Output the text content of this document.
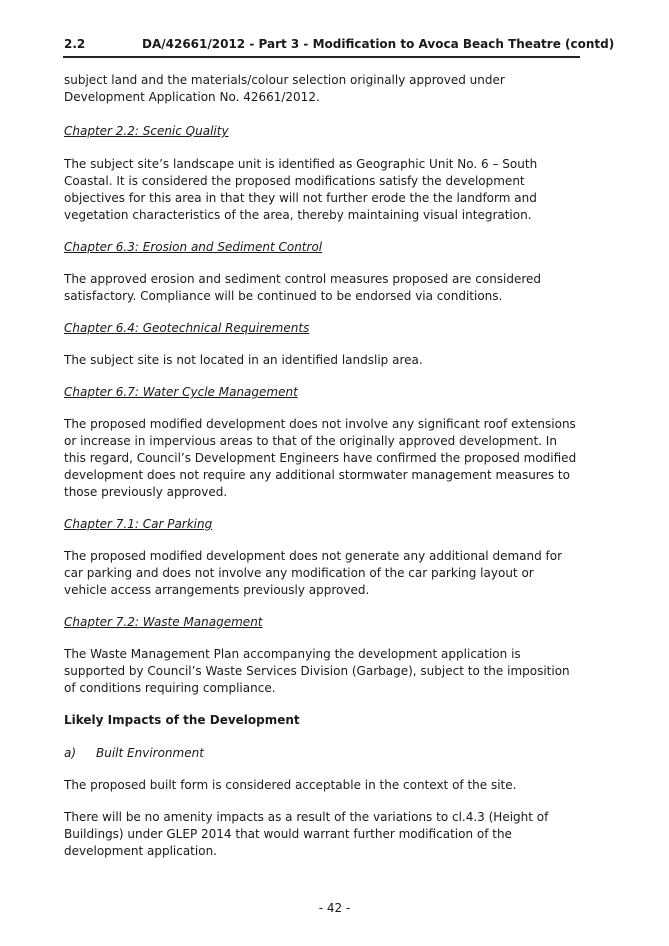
2.2	DA/42661/2012 - Part 3 - Modification to Avoca Beach Theatre (contd)

subject land and the materials/colour selection originally approved under Development Application No. 42661/2012.

Chapter 2.2: Scenic Quality

The subject site’s landscape unit is identified as Geographic Unit No. 6 – South Coastal. It is considered the proposed modifications satisfy the development objectives for this area in that they will not further erode the the landform and vegetation characteristics of the area, thereby maintaining visual integration.

Chapter 6.3: Erosion and Sediment Control

The approved erosion and sediment control measures proposed are considered satisfactory. Compliance will be continued to be endorsed via conditions.

Chapter 6.4: Geotechnical Requirements

The subject site is not located in an identified landslip area.

Chapter 6.7: Water Cycle Management

The proposed modified development does not involve any significant roof extensions or increase in impervious areas to that of the originally approved development. In this regard, Council’s Development Engineers have confirmed the proposed modified development does not require any additional stormwater management measures to those previously approved.

Chapter 7.1: Car Parking

The proposed modified development does not generate any additional demand for car parking and does not involve any modification of the car parking layout or vehicle access arrangements previously approved.

Chapter 7.2: Waste Management

The Waste Management Plan accompanying the development application is supported by Council’s Waste Services Division (Garbage), subject to the imposition of conditions requiring compliance.

Likely Impacts of the Development

a) Built Environment

The proposed built form is considered acceptable in the context of the site.

There will be no amenity impacts as a result of the variations to cl.4.3 (Height of Buildings) under GLEP 2014 that would warrant further modification of the development application.

- 42 -
